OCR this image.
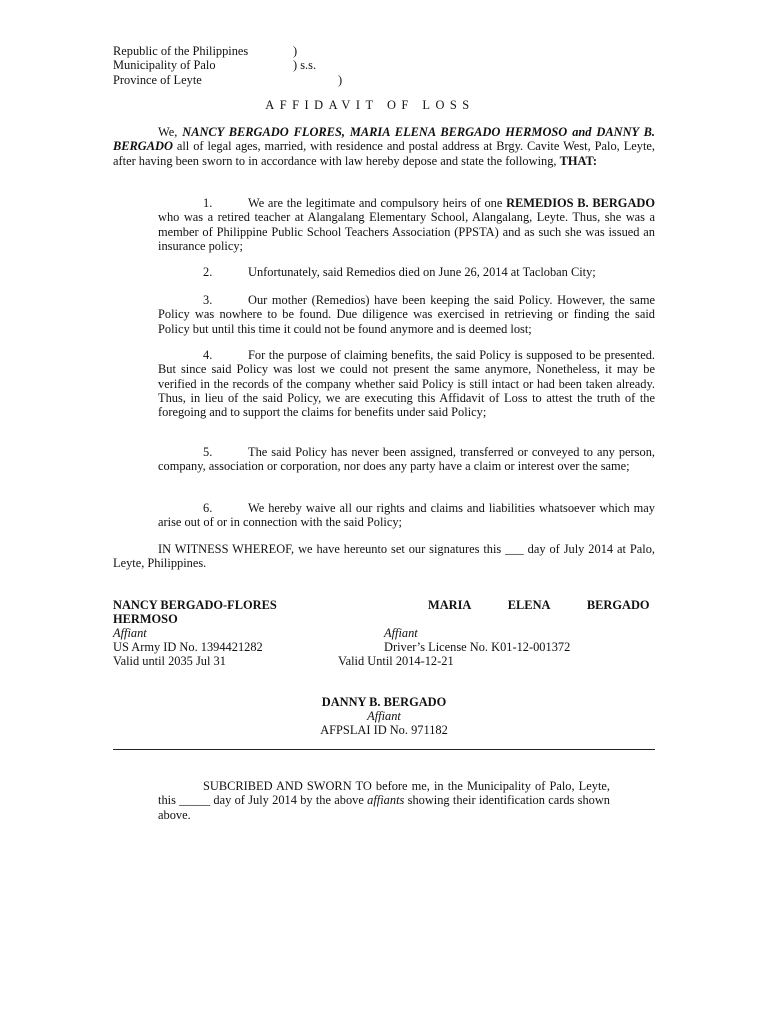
Republic of the Philippines	)
Municipality of Palo	) s.s.
Province of Leyte	)
AFFIDAVIT OF LOSS
We, NANCY BERGADO FLORES, MARIA ELENA BERGADO HERMOSO and DANNY B. BERGADO all of legal ages, married, with residence and postal address at Brgy. Cavite West, Palo, Leyte, after having been sworn to in accordance with law hereby depose and state the following, THAT:
1.	We are the legitimate and compulsory heirs of one REMEDIOS B. BERGADO who was a retired teacher at Alangalang Elementary School, Alangalang, Leyte. Thus, she was a member of Philippine Public School Teachers Association (PPSTA) and as such she was issued an insurance policy;
2.	Unfortunately, said Remedios died on June 26, 2014 at Tacloban City;
3.	Our mother (Remedios) have been keeping the said Policy. However, the same Policy was nowhere to be found. Due diligence was exercised in retrieving or finding the said Policy but until this time it could not be found anymore and is deemed lost;
4.	For the purpose of claiming benefits, the said Policy is supposed to be presented. But since said Policy was lost we could not present the same anymore, Nonetheless, it may be verified in the records of the company whether said Policy is still intact or had been taken already. Thus, in lieu of the said Policy, we are executing this Affidavit of Loss to attest the truth of the foregoing and to support the claims for benefits under said Policy;
5.	The said Policy has never been assigned, transferred or conveyed to any person, company, association or corporation, nor does any party have a claim or interest over the same;
6.	We hereby waive all our rights and claims and liabilities whatsoever which may arise out of or in connection with the said Policy;
IN WITNESS WHEREOF, we have hereunto set our signatures this ___ day of July 2014 at Palo, Leyte, Philippines.
NANCY BERGADO-FLORES
Affiant
US Army ID No. 1394421282
Valid until 2035 Jul 31
MARIA ELENA BERGADO
HERMOSO
Affiant
Driver’s License No. K01-12-001372
Valid Until 2014-12-21
DANNY B. BERGADO
Affiant
AFPSLAI ID No. 971182
SUBCRIBED AND SWORN TO before me, in the Municipality of Palo, Leyte, this _____ day of July 2014 by the above affiants showing their identification cards shown above.
